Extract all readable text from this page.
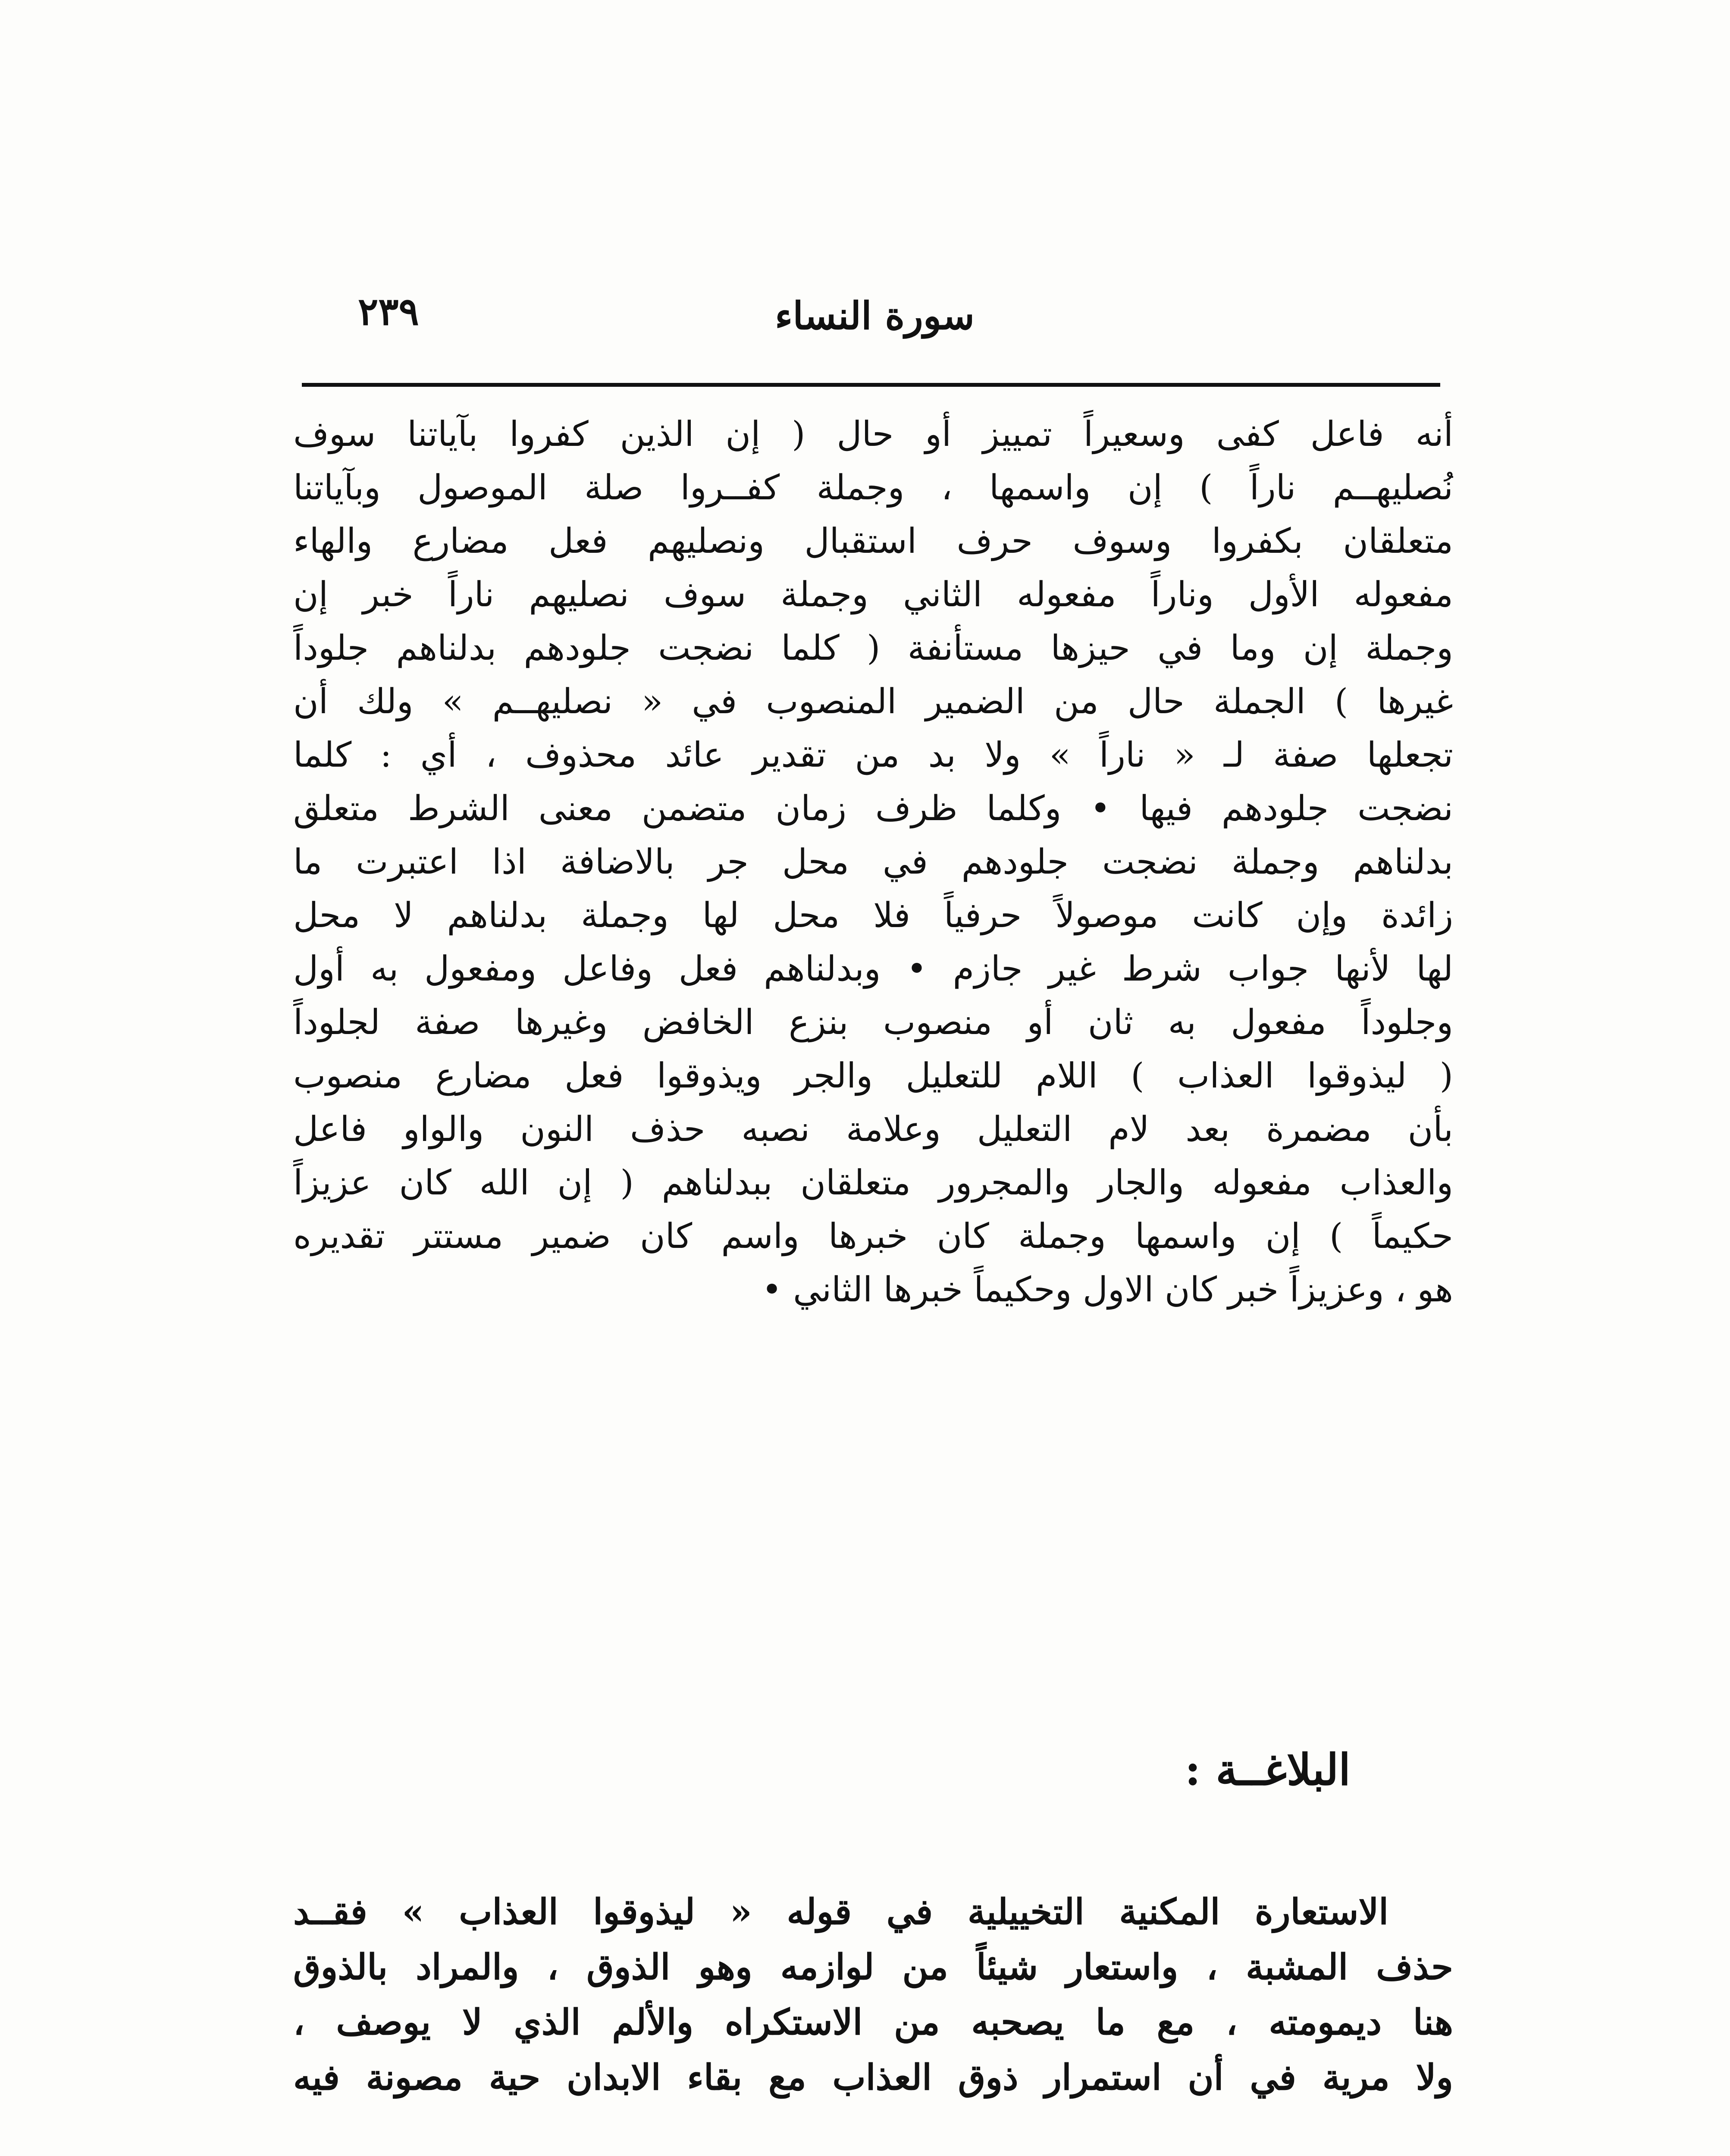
سورة النساء
٢٣٩
أنه فاعل كفى وسعيراً تمييز أو حال ( إن الذين كفروا بآياتنا سوف
نُصليهــم ناراً ) إن واسمها ، وجملة كفــروا صلة الموصول وبآياتنا
متعلقان بكفروا وسوف حرف استقبال ونصليهم فعل مضارع والهاء
مفعوله الأول وناراً مفعوله الثاني وجملة سوف نصليهم ناراً خبر إن
وجملة إن وما في حيزها مستأنفة ( كلما نضجت جلودهم بدلناهم جلوداً
غيرها ) الجملة حال من الضمير المنصوب في « نصليهــم » ولك أن
تجعلها صفة لـ « ناراً » ولا بد من تقدير عائد محذوف ، أي : كلما
نضجت جلودهم فيها • وكلما ظرف زمان متضمن معنى الشرط متعلق
بدلناهم وجملة نضجت جلودهم في محل جر بالاضافة اذا اعتبرت ما
زائدة وإن كانت موصولاً حرفياً فلا محل لها وجملة بدلناهم لا محل
لها لأنها جواب شرط غير جازم • وبدلناهم فعل وفاعل ومفعول به أول
وجلوداً مفعول به ثان أو منصوب بنزع الخافض وغيرها صفة لجلوداً
( ليذوقوا العذاب ) اللام للتعليل والجر ويذوقوا فعل مضارع منصوب
بأن مضمرة بعد لام التعليل وعلامة نصبه حذف النون والواو فاعل
والعذاب مفعوله والجار والمجرور متعلقان ببدلناهم ( إن الله كان عزيزاً
حكيماً ) إن واسمها وجملة كان خبرها واسم كان ضمير مستتر تقديره
هو ، وعزيزاً خبر كان الاول وحكيماً خبرها الثاني •
البلاغــة :
الاستعارة المكنية التخييلية في قوله « ليذوقوا العذاب » فقــد
حذف المشبة ، واستعار شيئاً من لوازمه وهو الذوق ، والمراد بالذوق
هنا ديمومته ، مع ما يصحبه من الاستكراه والألم الذي لا يوصف ،
ولا مرية في أن استمرار ذوق العذاب مع بقاء الابدان حية مصونة فيه
